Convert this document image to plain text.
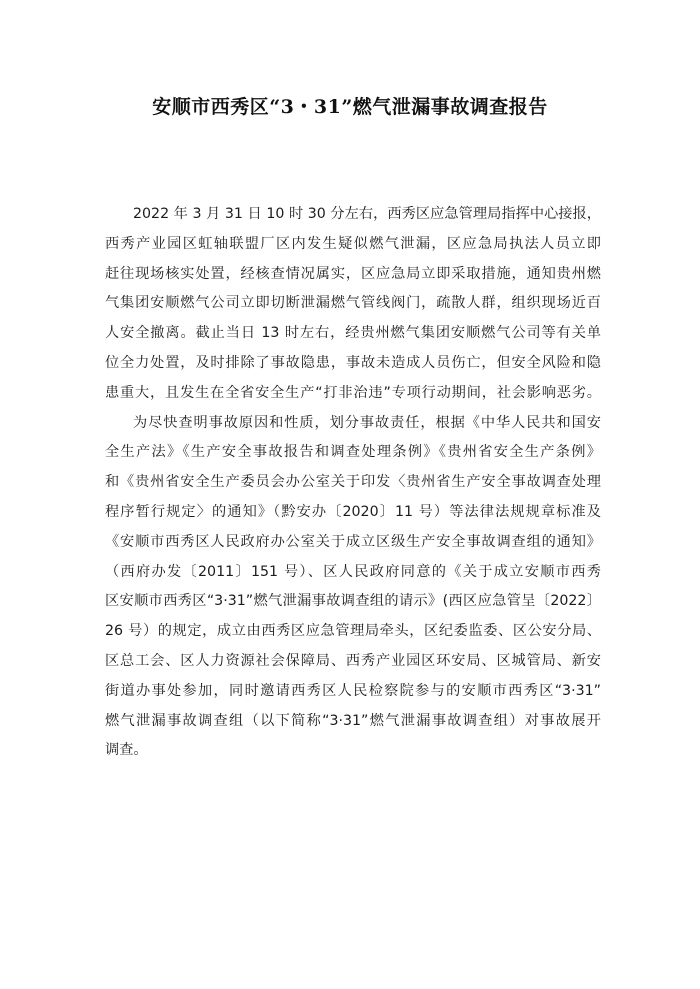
安顺市西秀区“3・31”燃气泄漏事故调查报告
2022 年 3 月 31 日 10 时 30 分左右，西秀区应急管理局指挥中心接报，
西秀产业园区虹轴联盟厂区内发生疑似燃气泄漏，区应急局执法人员立即
赶往现场核实处置，经核查情况属实，区应急局立即采取措施，通知贵州燃
气集团安顺燃气公司立即切断泄漏燃气管线阀门，疏散人群，组织现场近百
人安全撤离。截止当日 13 时左右，经贵州燃气集团安顺燃气公司等有关单
位全力处置，及时排除了事故隐患，事故未造成人员伤亡，但安全风险和隐
患重大，且发生在全省安全生产“打非治违”专项行动期间，社会影响恶劣。
为尽快查明事故原因和性质，划分事故责任，根据《中华人民共和国安
全生产法》《生产安全事故报告和调查处理条例》《贵州省安全生产条例》
和《贵州省安全生产委员会办公室关于印发〈贵州省生产安全事故调查处理
程序暂行规定〉的通知》（黔安办〔2020〕11 号）等法律法规规章标准及
《安顺市西秀区人民政府办公室关于成立区级生产安全事故调查组的通知》
（西府办发〔2011〕151 号）、区人民政府同意的《关于成立安顺市西秀
区安顺市西秀区“3·31”燃气泄漏事故调查组的请示》(西区应急管呈〔2022〕
26 号）的规定，成立由西秀区应急管理局牵头，区纪委监委、区公安分局、
区总工会、区人力资源社会保障局、西秀产业园区环安局、区城管局、新安
街道办事处参加，同时邀请西秀区人民检察院参与的安顺市西秀区“3·31”
燃气泄漏事故调查组（以下简称“3·31”燃气泄漏事故调查组）对事故展开
调查。
